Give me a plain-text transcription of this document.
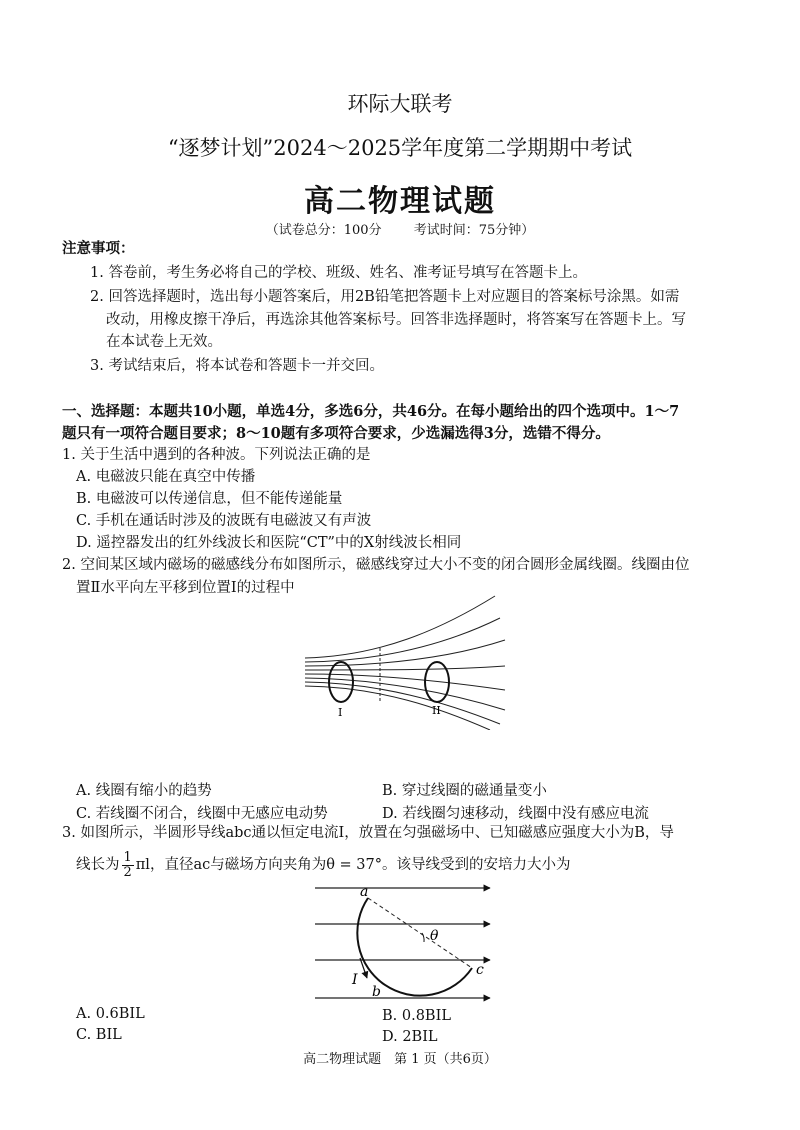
环际大联考
“逐梦计划”2024～2025学年度第二学期期中考试
高二物理试题
（试卷总分：100分 考试时间：75分钟）
注意事项：
1. 答卷前，考生务必将自己的学校、班级、姓名、准考证号填写在答题卡上。
2. 回答选择题时，选出每小题答案后，用2B铅笔把答题卡上对应题目的答案标号涂黑。如需
改动，用橡皮擦干净后，再选涂其他答案标号。回答非选择题时，将答案写在答题卡上。写
在本试卷上无效。
3. 考试结束后，将本试卷和答题卡一并交回。
一、选择题：本题共10小题，单选4分，多选6分，共46分。在每小题给出的四个选项中。1～7
题只有一项符合题目要求；8～10题有多项符合要求，少选漏选得3分，选错不得分。
1. 关于生活中遇到的各种波。下列说法正确的是
A. 电磁波只能在真空中传播
B. 电磁波可以传递信息，但不能传递能量
C. 手机在通话时涉及的波既有电磁波又有声波
D. 遥控器发出的红外线波长和医院“CT”中的X射线波长相同
2. 空间某区域内磁场的磁感线分布如图所示，磁感线穿过大小不变的闭合圆形金属线圈。线圈由位
置Ⅱ水平向左平移到位置Ⅰ的过程中
I	II
A. 线圈有缩小的趋势	B. 穿过线圈的磁通量变小
C. 若线圈不闭合，线圈中无感应电动势	D. 若线圈匀速移动，线圈中没有感应电流
3. 如图所示，半圆形导线abc通以恒定电流I，放置在匀强磁场中、已知磁感应强度大小为B，导
线长为 $\frac{1}{2}$ πl，直径ac与磁场方向夹角为θ = 37°。该导线受到的安培力大小为
a
b
c
I
θ
A. 0.6BIL	B. 0.8BIL
C. BIL	D. 2BIL
高二物理试题　第 1 页（共6页）
